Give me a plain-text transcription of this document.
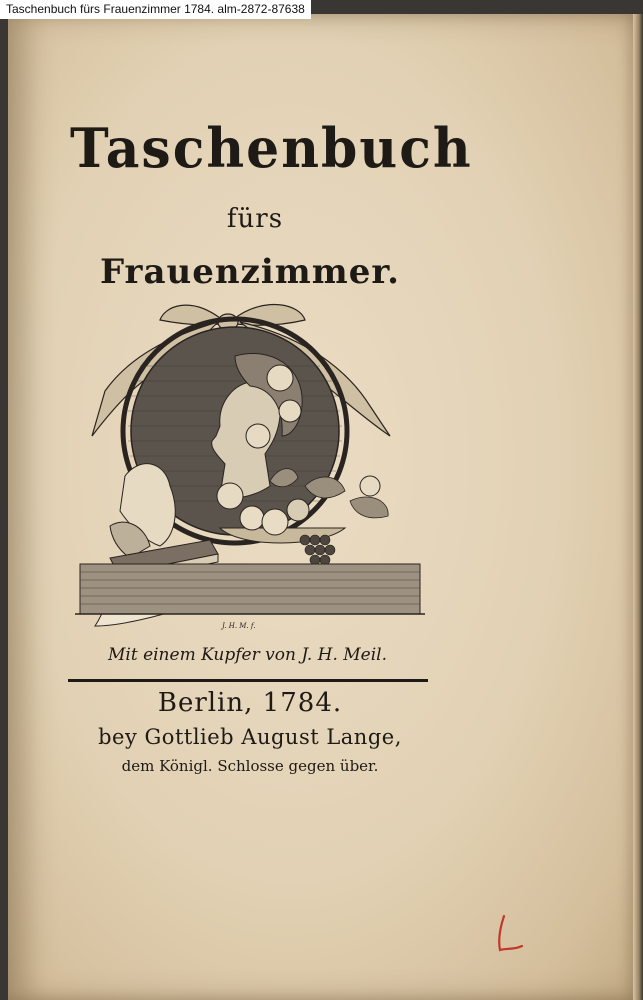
Taschenbuch fürs Frauenzimmer 1784. alm-2872-87638
Taschenbuch
fürs
Frauenzimmer.
J. H. M. f.
Mit einem Kupfer von J. H. Meil.
Berlin, 1784.
bey Gottlieb August Lange,
dem Königl. Schlosse gegen über.
